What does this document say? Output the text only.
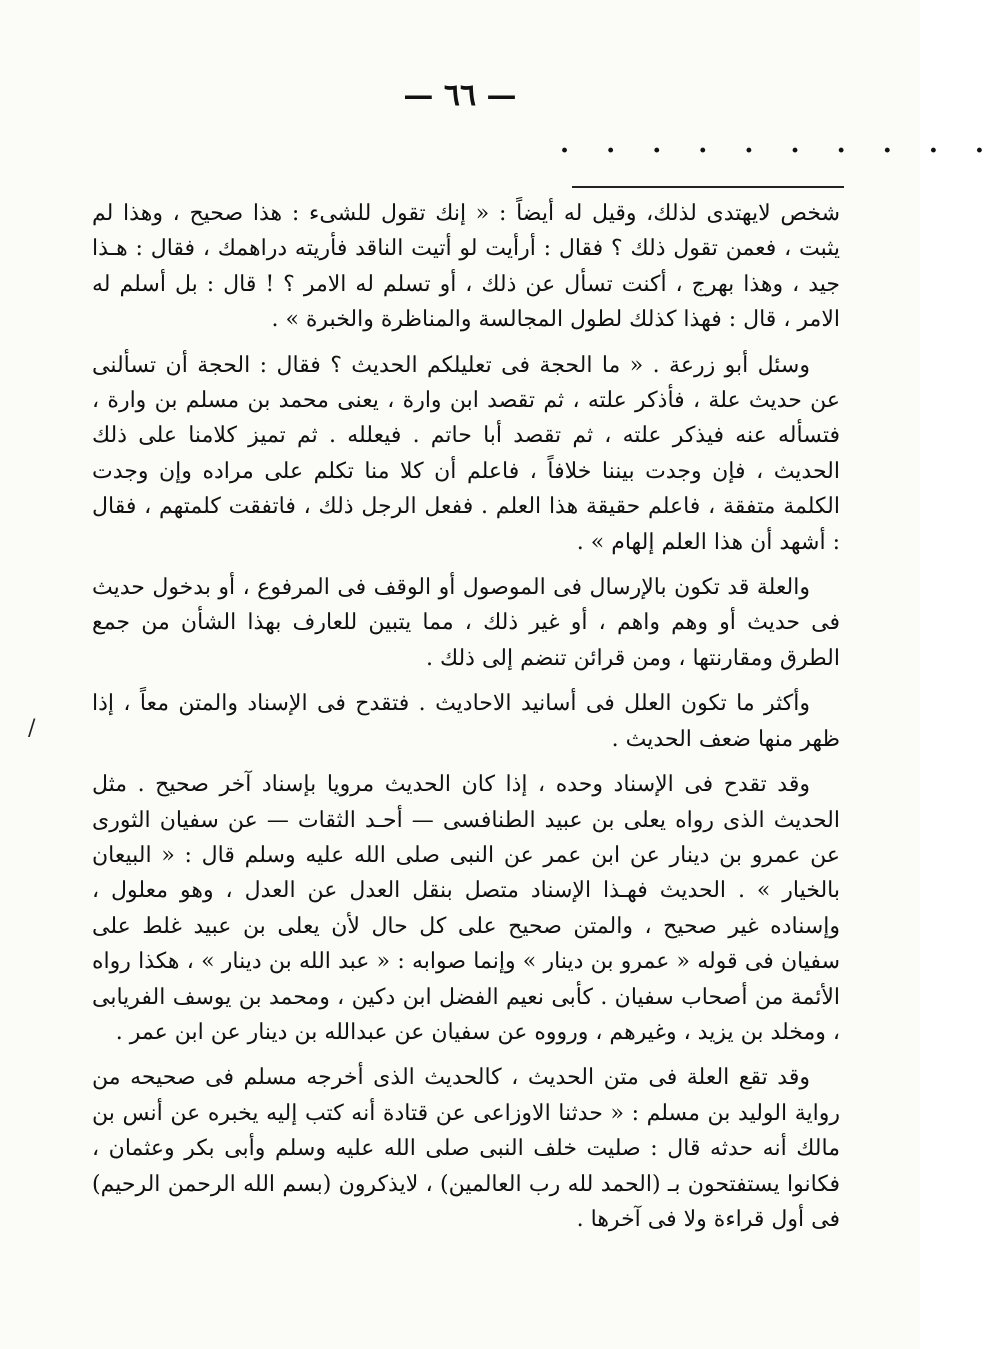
— ٦٦ —
· · · · · · · · · ·
/

شخص لايهتدى لذلك، وقيل له أيضاً : « إنك تقول للشىء : هذا صحيح ، وهذا لم يثبت ، فعمن تقول ذلك ؟ فقال : أرأيت لو أتيت الناقد فأريته دراهمك ، فقال : هـذا جيد ، وهذا بهرج ، أكنت تسأل عن ذلك ، أو تسلم له الامر ؟ ! قال : بل أسلم له الامر ، قال : فهذا كذلك لطول المجالسة والمناظرة والخبرة » .

وسئل أبو زرعة . « ما الحجة فى تعليلكم الحديث ؟ فقال : الحجة أن تسألنى عن حديث علة ، فأذكر علته ، ثم تقصد ابن وارة ، يعنى محمد بن مسلم بن وارة ، فتسأله عنه فيذكر علته ، ثم تقصد أبا حاتم . فيعلله . ثم تميز كلامنا على ذلك الحديث ، فإن وجدت بيننا خلافاً ، فاعلم أن كلا منا تكلم على مراده وإن وجدت الكلمة متفقة ، فاعلم حقيقة هذا العلم . ففعل الرجل ذلك ، فاتفقت كلمتهم ، فقال : أشهد أن هذا العلم إلهام » .

والعلة قد تكون بالإرسال فى الموصول أو الوقف فى المرفوع ، أو بدخول حديث فى حديث أو وهم واهم ، أو غير ذلك ، مما يتبين للعارف بهذا الشأن من جمع الطرق ومقارنتها ، ومن قرائن تنضم إلى ذلك .

وأكثر ما تكون العلل فى أسانيد الاحاديث . فتقدح فى الإسناد والمتن معاً ، إذا ظهر منها ضعف الحديث .

وقد تقدح فى الإسناد وحده ، إذا كان الحديث مرويا بإسناد آخر صحيح . مثل الحديث الذى رواه يعلى بن عبيد الطنافسى — أحـد الثقات — عن سفيان الثورى عن عمرو بن دينار عن ابن عمر عن النبى صلى الله عليه وسلم قال : « البيعان بالخيار » . الحديث فهـذا الإسناد متصل بنقل العدل عن العدل ، وهو معلول ، وإسناده غير صحيح ، والمتن صحيح على كل حال لأن يعلى بن عبيد غلط على سفيان فى قوله « عمرو بن دينار » وإنما صوابه : « عبد الله بن دينار » ، هكذا رواه الأئمة من أصحاب سفيان . كأبى نعيم الفضل ابن دكين ، ومحمد بن يوسف الفريابى ، ومخلد بن يزيد ، وغيرهم ، ورووه عن سفيان عن عبدالله بن دينار عن ابن عمر .

وقد تقع العلة فى متن الحديث ، كالحديث الذى أخرجه مسلم فى صحيحه من رواية الوليد بن مسلم : « حدثنا الاوزاعى عن قتادة أنه كتب إليه يخبره عن أنس بن مالك أنه حدثه قال : صليت خلف النبى صلى الله عليه وسلم وأبى بكر وعثمان ، فكانوا يستفتحون بـ (الحمد لله رب العالمين) ، لايذكرون (بسم الله الرحمن الرحيم) فى أول قراءة ولا فى آخرها .
